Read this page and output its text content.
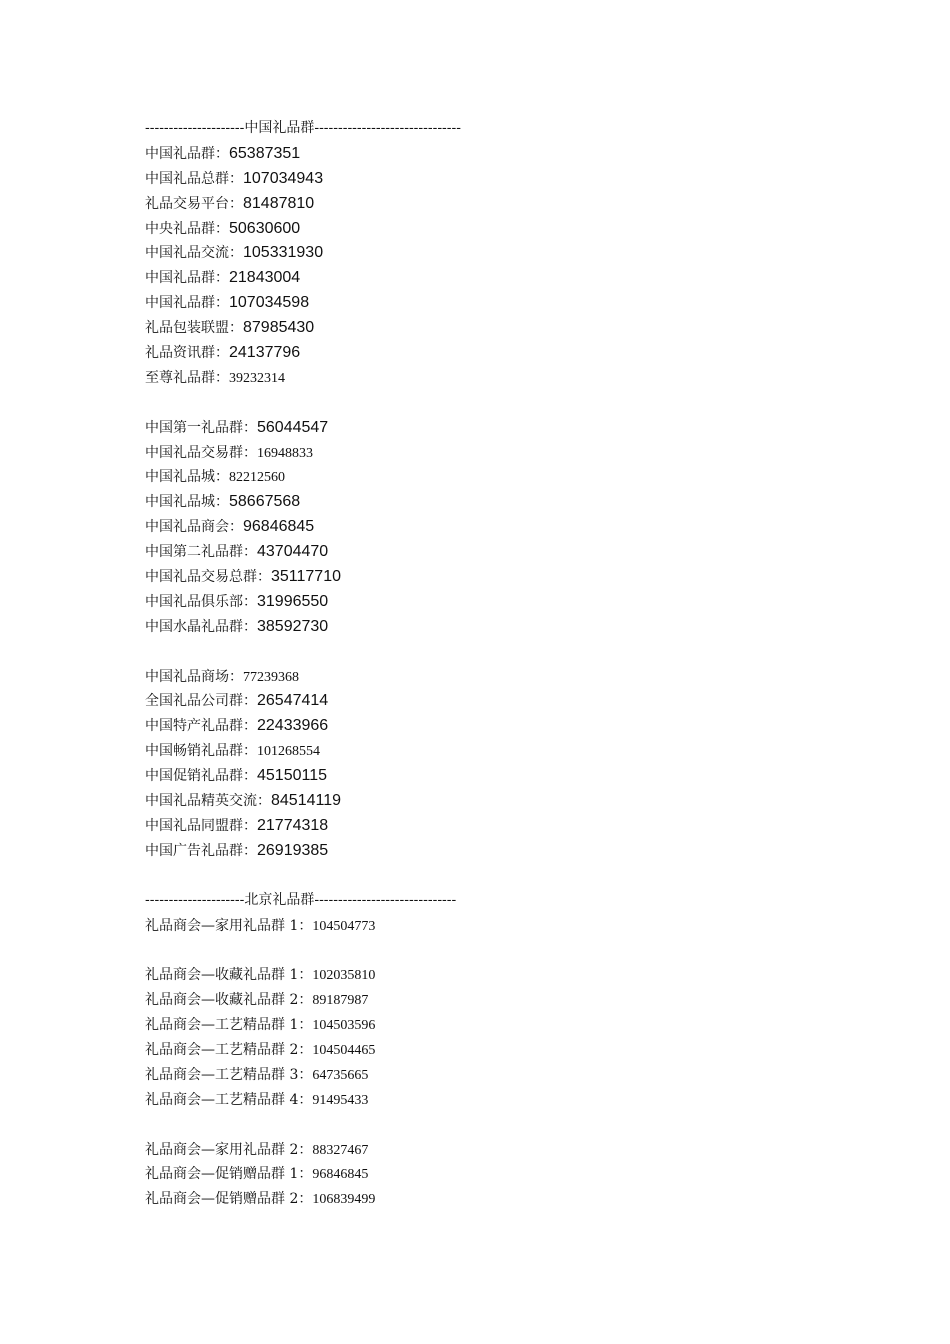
---------------------中国礼品群-------------------------------
中国礼品群：65387351
中国礼品总群：107034943
礼品交易平台：81487810
中央礼品群：50630600
中国礼品交流：105331930
中国礼品群：21843004
中国礼品群：107034598
礼品包装联盟：87985430
礼品资讯群：24137796
至尊礼品群：39232314
中国第一礼品群：56044547
中国礼品交易群：16948833
中国礼品城：82212560
中国礼品城：58667568
中国礼品商会：96846845
中国第二礼品群：43704470
中国礼品交易总群：35117710
中国礼品俱乐部：31996550
中国水晶礼品群：38592730
中国礼品商场：77239368
全国礼品公司群：26547414
中国特产礼品群：22433966
中国畅销礼品群：101268554
中国促销礼品群：45150115
中国礼品精英交流：84514119
中国礼品同盟群：21774318
中国广告礼品群：26919385
---------------------北京礼品群------------------------------
礼品商会—家用礼品群 1：104504773
礼品商会—收藏礼品群 1：102035810
礼品商会—收藏礼品群 2：89187987
礼品商会—工艺精品群 1：104503596
礼品商会—工艺精品群 2：104504465
礼品商会—工艺精品群 3：64735665
礼品商会—工艺精品群 4：91495433
礼品商会—家用礼品群 2：88327467
礼品商会—促销赠品群 1：96846845
礼品商会—促销赠品群 2：106839499
